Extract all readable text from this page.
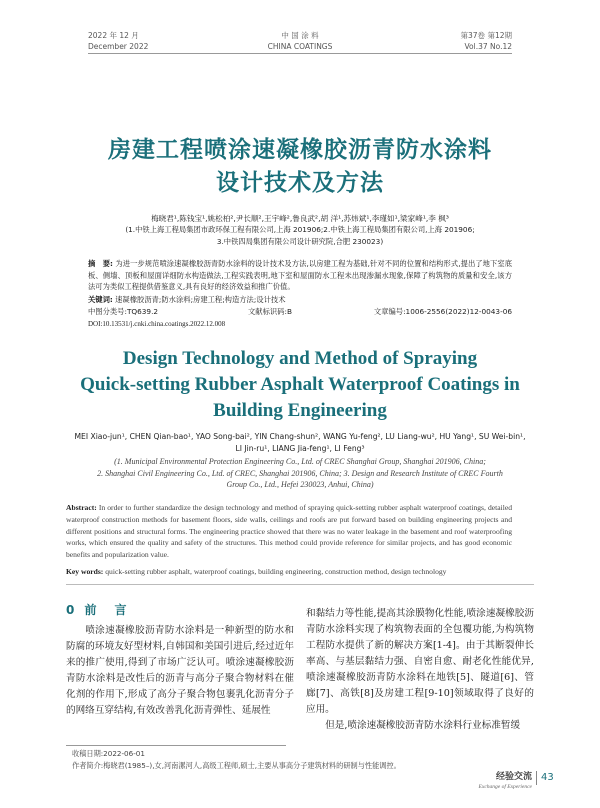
2022 年 12 月
December 2022
中 国 涂 料
CHINA COATINGS
第37卷 第12期
Vol.37 No.12
房建工程喷涂速凝橡胶沥青防水涂料
设计技术及方法
梅晓君¹,陈钱宝¹,姚松柏²,尹长顺²,王宇峰²,鲁良武²,胡 洋¹,苏炜斌¹,李瑾如¹,梁家峰¹,李 枫³
(1.中铁上海工程局集团市政环保工程有限公司,上海 201906;2.中铁上海工程局集团有限公司,上海 201906;
3.中铁四局集团有限公司设计研究院,合肥 230023)
摘　要: 为进一步规范喷涂速凝橡胶沥青防水涂料的设计技术及方法,以房建工程为基础,针对不同的位置和结构形式,提出了地下室底板、侧墙、顶板和屋面详细防水构造做法,工程实践表明,地下室和屋面防水工程未出现渗漏水现象,保障了构筑物的质量和安全,该方法可为类似工程提供借鉴意义,具有良好的经济效益和推广价值。
关键词: 速凝橡胶沥青;防水涂料;房建工程;构造方法;设计技术
中图分类号:TQ639.2	文献标识码:B	文章编号:1006-2556(2022)12-0043-06
DOI:10.13531/j.cnki.china.coatings.2022.12.008
Design Technology and Method of Spraying
Quick-setting Rubber Asphalt Waterproof Coatings in
Building Engineering
MEI Xiao-jun¹, CHEN Qian-bao¹, YAO Song-bai², YIN Chang-shun², WANG Yu-feng², LU Liang-wu², HU Yang¹, SU Wei-bin¹,
LI Jin-ru¹, LIANG Jia-feng¹, LI Feng³
(1. Municipal Environmental Protection Engineering Co., Ltd. of CREC Shanghai Group, Shanghai 201906, China;
2. Shanghai Civil Engineering Co., Ltd. of CREC, Shanghai 201906, China; 3. Design and Research Institute of CREC Fourth
Group Co., Ltd., Hefei 230023, Anhui, China)
Abstract: In order to further standardize the design technology and method of spraying quick-setting rubber asphalt waterproof coatings, detailed waterproof construction methods for basement floors, side walls, ceilings and roofs are put forward based on building engineering projects and different positions and structural forms. The engineering practice showed that there was no water leakage in the basement and roof waterproofing works, which ensured the quality and safety of the structures. This method could provide reference for similar projects, and has good economic benefits and popularization value.
Key words: quick-setting rubber asphalt, waterproof coatings, building engineering, construction method, design technology
0 前　言

喷涂速凝橡胶沥青防水涂料是一种新型的防水和防腐的环境友好型材料,自韩国和美国引进后,经过近年来的推广使用,得到了市场广泛认可。喷涂速凝橡胶沥青防水涂料是改性后的沥青与高分子聚合物材料在催化剂的作用下,形成了高分子聚合物包裹乳化沥青分子的网络互穿结构,有效改善乳化沥青弹性、延展性

和黏结力等性能,提高其涂膜物化性能,喷涂速凝橡胶沥青防水涂料实现了构筑物表面的全包覆功能,为构筑物工程防水提供了新的解决方案[1-4]。由于其断裂伸长率高、与基层黏结力强、自密自愈、耐老化性能优异,喷涂速凝橡胶沥青防水涂料在地铁[5]、隧道[6]、管廊[7]、高铁[8]及房建工程[9-10]领域取得了良好的应用。

但是,喷涂速凝橡胶沥青防水涂料行业标准暂缓

收稿日期:2022-06-01
作者简介:梅晓君(1985–),女,河南漯河人,高级工程师,硕士,主要从事高分子建筑材料的研制与性能调控。
经验交流
Exchange of Experience
43
